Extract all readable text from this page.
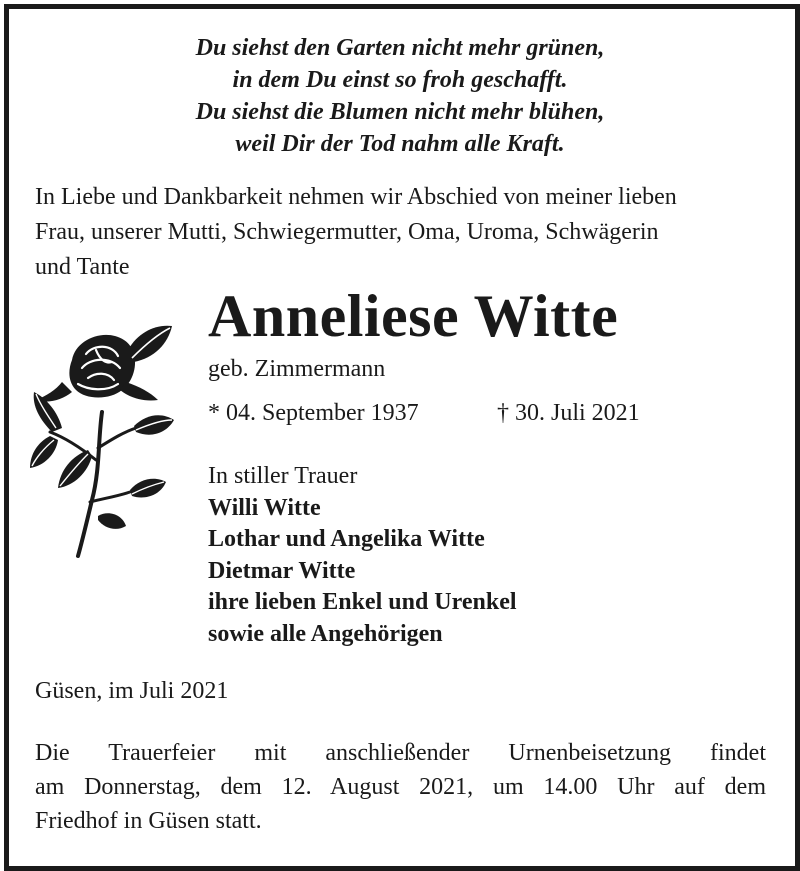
Du siehst den Garten nicht mehr grünen,
in dem Du einst so froh geschafft.
Du siehst die Blumen nicht mehr blühen,
weil Dir der Tod nahm alle Kraft.
In Liebe und Dankbarkeit nehmen wir Abschied von meiner lieben
Frau, unserer Mutti, Schwiegermutter, Oma, Uroma, Schwägerin
und Tante
Anneliese Witte
geb. Zimmermann
* 04. September 1937	† 30. Juli 2021
In stiller Trauer
Willi Witte
Lothar und Angelika Witte
Dietmar Witte
ihre lieben Enkel und Urenkel
sowie alle Angehörigen
Güsen, im Juli 2021
Die Trauerfeier mit anschließender Urnenbeisetzung findet
am Donnerstag, dem 12. August 2021, um 14.00 Uhr auf dem
Friedhof in Güsen statt.
